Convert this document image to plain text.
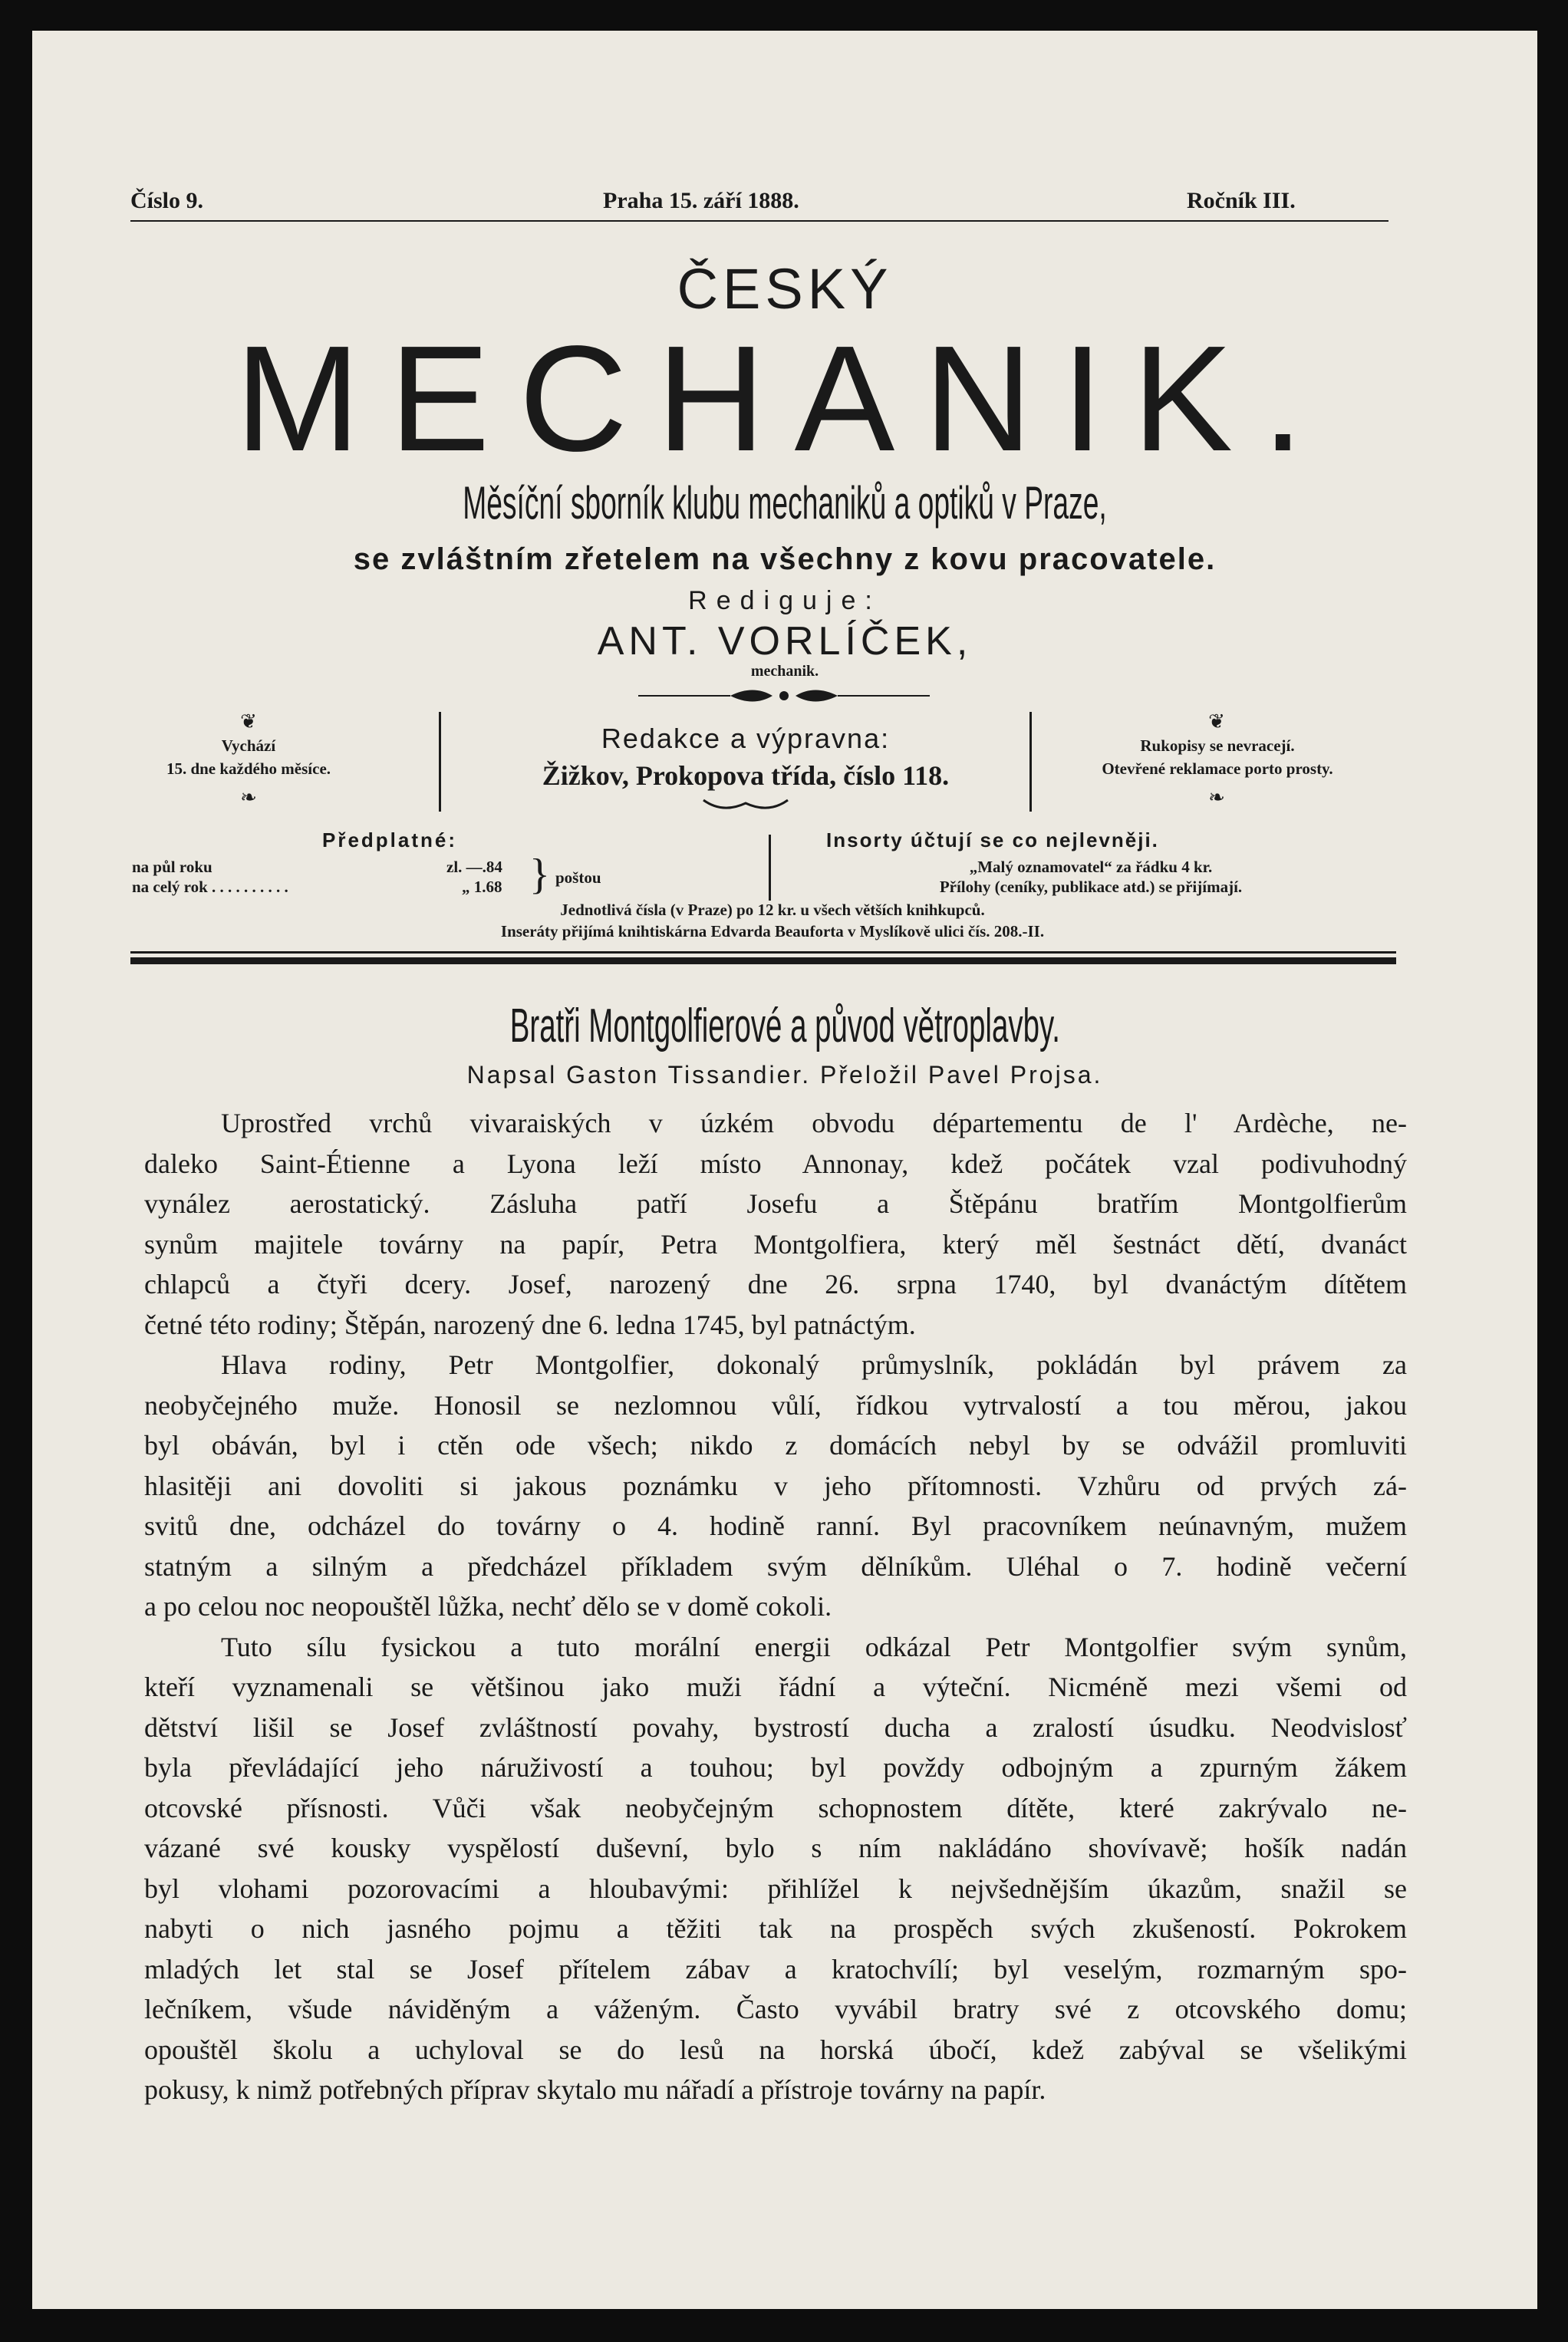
Číslo 9.	Praha 15. září 1888.	Ročník III.
ČESKÝ
MECHANIK.
Měsíční sborník klubu mechaniků a optiků v Praze,
se zvláštním zřetelem na všechny z kovu pracovatele.
Rediguje:
ANT. VORLÍČEK,
mechanik.
❦
Vychází
15. dne každého měsíce.
❧
Redakce a výpravna:
Žižkov, Prokopova třída, číslo 118.
❦
Rukopisy se nevracejí.
Otevřené reklamace porto prosty.
❧
Předplatné:
na půl roku	zl. —.84
na celý rok . . . . . . . . . .	„ 1.68 } poštou
Insorty účtují se co nejlevněji.
„Malý oznamovatel“ za řádku 4 kr.
Přílohy (ceníky, publikace atd.) se přijímají.
Jednotlivá čísla (v Praze) po 12 kr. u všech větších knihkupců.
Inseráty přijímá knihtiskárna Edvarda Beauforta v Myslíkově ulici čís. 208.-II.
Bratři Montgolfierové a původ větroplavby.
Napsal Gaston Tissandier. Přeložil Pavel Projsa.
Uprostřed vrchů vivaraiských v úzkém obvodu départementu de l' Ardèche, ne-
daleko Saint-Étienne a Lyona leží místo Annonay, kdež počátek vzal podivuhodný
vynález aerostatický. Zásluha patří Josefu a Štěpánu bratřím Montgolfierům
synům majitele továrny na papír, Petra Montgolfiera, který měl šestnáct dětí, dvanáct
chlapců a čtyři dcery. Josef, narozený dne 26. srpna 1740, byl dvanáctým dítětem
četné této rodiny; Štěpán, narozený dne 6. ledna 1745, byl patnáctým.
Hlava rodiny, Petr Montgolfier, dokonalý průmyslník, pokládán byl právem za
neobyčejného muže. Honosil se nezlomnou vůlí, řídkou vytrvalostí a tou měrou, jakou
byl obáván, byl i ctěn ode všech; nikdo z domácích nebyl by se odvážil promluviti
hlasitěji ani dovoliti si jakous poznámku v jeho přítomnosti. Vzhůru od prvých zá-
svitů dne, odcházel do továrny o 4. hodině ranní. Byl pracovníkem neúnavným, mužem
statným a silným a předcházel příkladem svým dělníkům. Uléhal o 7. hodině večerní
a po celou noc neopouštěl lůžka, nechť dělo se v domě cokoli.
Tuto sílu fysickou a tuto morální energii odkázal Petr Montgolfier svým synům,
kteří vyznamenali se většinou jako muži řádní a výteční. Nicméně mezi všemi od
dětství lišil se Josef zvláštností povahy, bystrostí ducha a zralostí úsudku. Neodvislosť
byla převládající jeho náruživostí a touhou; byl povždy odbojným a zpurným žákem
otcovské přísnosti. Vůči však neobyčejným schopnostem dítěte, které zakrývalo ne-
vázané své kousky vyspělostí duševní, bylo s ním nakládáno shovívavě; hošík nadán
byl vlohami pozorovacími a hloubavými: přihlížel k nejvšednějším úkazům, snažil se
nabyti o nich jasného pojmu a těžiti tak na prospěch svých zkušeností. Pokrokem
mladých let stal se Josef přítelem zábav a kratochvílí; byl veselým, rozmarným spo-
lečníkem, všude náviděným a váženým. Často vyvábil bratry své z otcovského domu;
opouštěl školu a uchyloval se do lesů na horská úbočí, kdež zabýval se všelikými
pokusy, k nimž potřebných příprav skytalo mu nářadí a přístroje továrny na papír.
